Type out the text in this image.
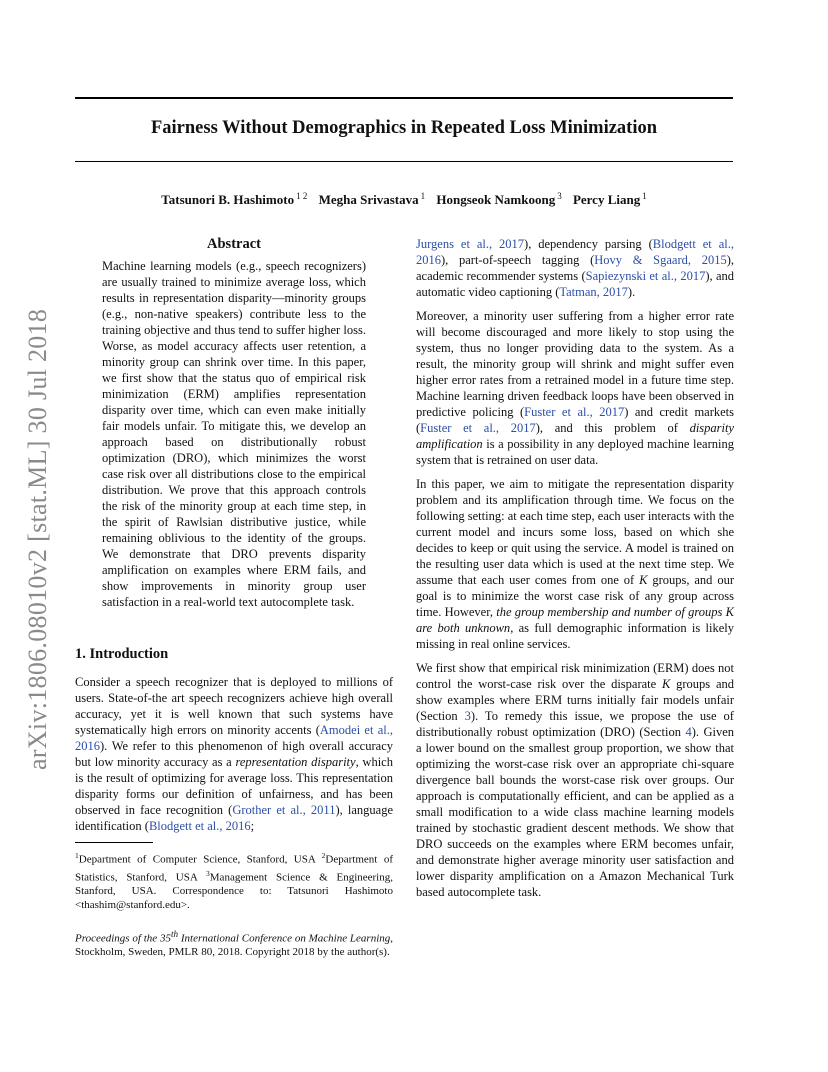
Fairness Without Demographics in Repeated Loss Minimization
Tatsunori B. Hashimoto $^{1 2}$ Megha Srivastava $^1$ Hongseok Namkoong $^3$ Percy Liang $^1$
arXiv:1806.08010v2 [stat.ML] 30 Jul 2018
Abstract

Machine learning models (e.g., speech recognizers) are usually trained to minimize average loss, which results in representation disparity—minority groups (e.g., non-native speakers) contribute less to the training objective and thus tend to suffer higher loss. Worse, as model accuracy affects user retention, a minority group can shrink over time. In this paper, we first show that the status quo of empirical risk minimization (ERM) amplifies representation disparity over time, which can even make initially fair models unfair. To mitigate this, we develop an approach based on distributionally robust optimization (DRO), which minimizes the worst case risk over all distributions close to the empirical distribution. We prove that this approach controls the risk of the minority group at each time step, in the spirit of Rawlsian distributive justice, while remaining oblivious to the identity of the groups. We demonstrate that DRO prevents disparity amplification on examples where ERM fails, and show improvements in minority group user satisfaction in a real-world text autocomplete task.

1. Introduction

Consider a speech recognizer that is deployed to millions of users. State-of-the art speech recognizers achieve high overall accuracy, yet it is well known that such systems have systematically high errors on minority accents (Amodei et al., 2016). We refer to this phenomenon of high overall accuracy but low minority accuracy as a representation disparity, which is the result of optimizing for average loss. This representation disparity forms our definition of unfairness, and has been observed in face recognition (Grother et al., 2011), language identification (Blodgett et al., 2016;

$^1$Department of Computer Science, Stanford, USA $^2$Department of Statistics, Stanford, USA $^3$Management Science & Engineering, Stanford, USA. Correspondence to: Tatsunori Hashimoto <thashim@stanford.edu>.

Proceedings of the 35th International Conference on Machine Learning, Stockholm, Sweden, PMLR 80, 2018. Copyright 2018 by the author(s).

Jurgens et al., 2017), dependency parsing (Blodgett et al., 2016), part-of-speech tagging (Hovy & Sgaard, 2015), academic recommender systems (Sapiezynski et al., 2017), and automatic video captioning (Tatman, 2017).

Moreover, a minority user suffering from a higher error rate will become discouraged and more likely to stop using the system, thus no longer providing data to the system. As a result, the minority group will shrink and might suffer even higher error rates from a retrained model in a future time step. Machine learning driven feedback loops have been observed in predictive policing (Fuster et al., 2017) and credit markets (Fuster et al., 2017), and this problem of disparity amplification is a possibility in any deployed machine learning system that is retrained on user data.

In this paper, we aim to mitigate the representation disparity problem and its amplification through time. We focus on the following setting: at each time step, each user interacts with the current model and incurs some loss, based on which she decides to keep or quit using the service. A model is trained on the resulting user data which is used at the next time step. We assume that each user comes from one of K groups, and our goal is to minimize the worst case risk of any group across time. However, the group membership and number of groups K are both unknown, as full demographic information is likely missing in real online services.

We first show that empirical risk minimization (ERM) does not control the worst-case risk over the disparate K groups and show examples where ERM turns initially fair models unfair (Section 3). To remedy this issue, we propose the use of distributionally robust optimization (DRO) (Section 4). Given a lower bound on the smallest group proportion, we show that optimizing the worst-case risk over an appropriate chi-square divergence ball bounds the worst-case risk over groups. Our approach is computationally efficient, and can be applied as a small modification to a wide class machine learning models trained by stochastic gradient descent methods. We show that DRO succeeds on the examples where ERM becomes unfair, and demonstrate higher average minority user satisfaction and lower disparity amplification on a Amazon Mechanical Turk based autocomplete task.
